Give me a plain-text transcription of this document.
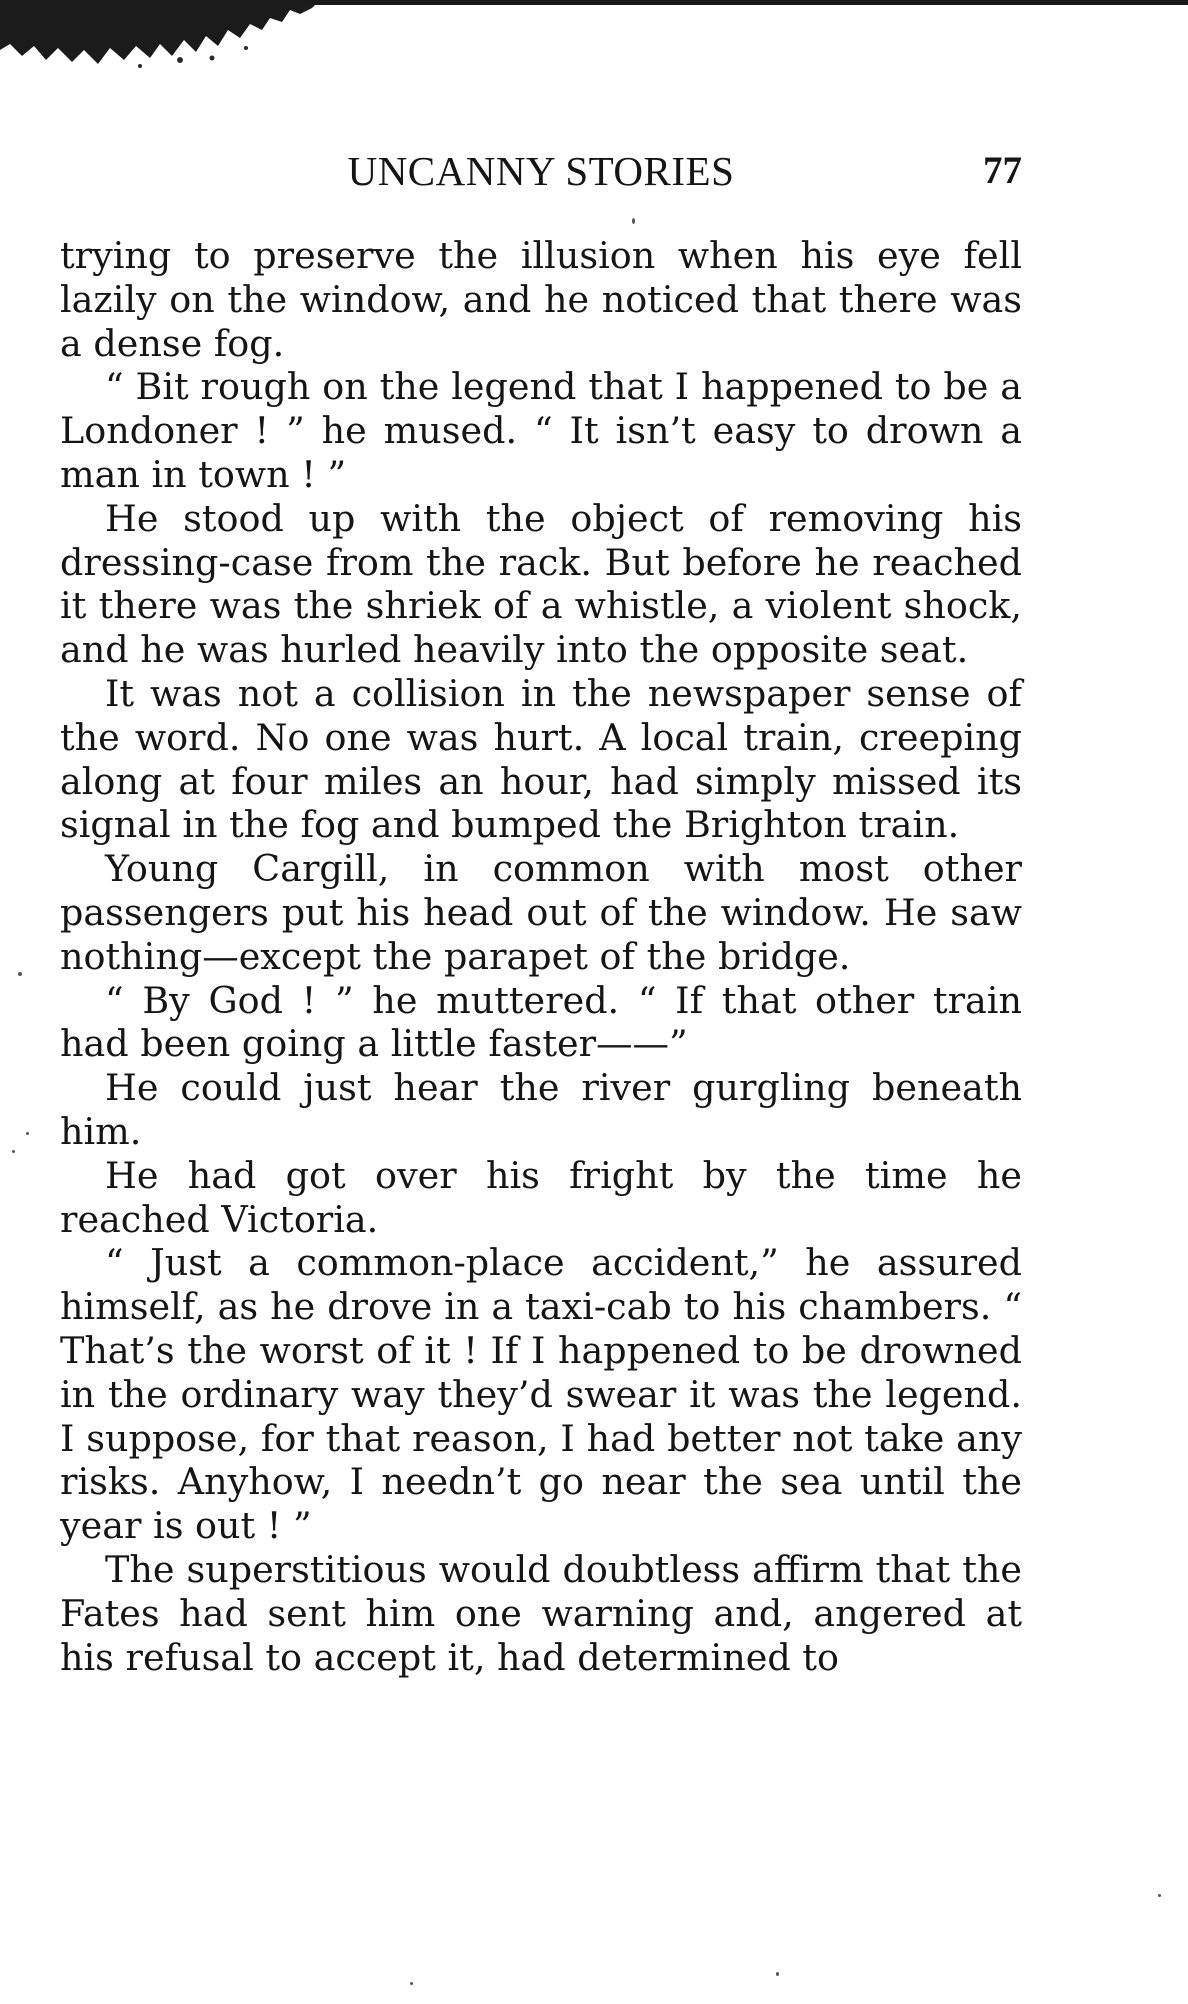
UNCANNY STORIES	77

trying to preserve the illusion when his eye fell lazily on the window, and he noticed that there was a dense fog.

“ Bit rough on the legend that I happened to be a Londoner ! ” he mused. “ It isn’t easy to drown a man in town ! ”

He stood up with the object of removing his dressing-case from the rack. But before he reached it there was the shriek of a whistle, a violent shock, and he was hurled heavily into the opposite seat.

It was not a collision in the newspaper sense of the word. No one was hurt. A local train, creeping along at four miles an hour, had simply missed its signal in the fog and bumped the Brighton train.

Young Cargill, in common with most other passengers put his head out of the window. He saw nothing—except the parapet of the bridge.

“ By God ! ” he muttered. “ If that other train had been going a little faster——”

He could just hear the river gurgling beneath him.

He had got over his fright by the time he reached Victoria.

“ Just a common-place accident,” he assured himself, as he drove in a taxi-cab to his chambers. “ That’s the worst of it ! If I happened to be drowned in the ordinary way they’d swear it was the legend. I suppose, for that reason, I had better not take any risks. Anyhow, I needn’t go near the sea until the year is out ! ”

The superstitious would doubtless affirm that the Fates had sent him one warning and, angered at his refusal to accept it, had determined to
